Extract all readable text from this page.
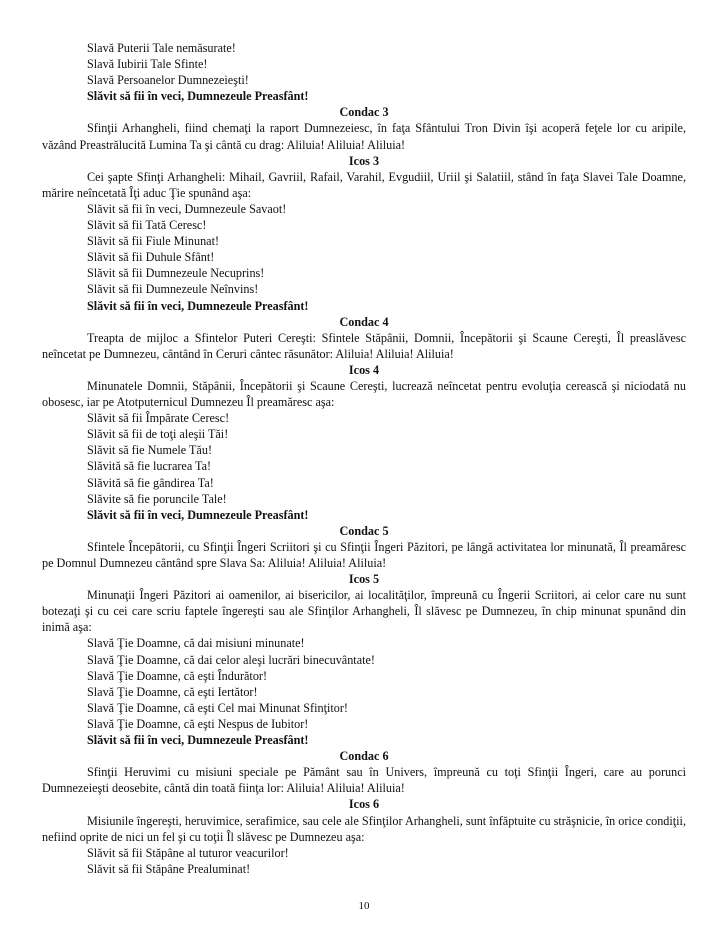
Slavă Puterii Tale nemăsurate!
Slavă Iubirii Tale Sfinte!
Slavă Persoanelor Dumnezeieşti!
Slăvit să fii în veci, Dumnezeule Preasfânt!
Condac 3
Sfinţii Arhangheli, fiind chemaţi la raport Dumnezeiesc, în faţa Sfântului Tron Divin îşi acoperă feţele lor cu aripile, văzând Preastrălucită Lumina Ta şi cântă cu drag: Aliluia! Aliluia! Aliluia!
Icos 3
Cei şapte Sfinţi Arhangheli: Mihail, Gavriil, Rafail, Varahil, Evgudiil, Uriil şi Salatiil, stând în faţa Slavei Tale Doamne, mărire neîncetată Îţi aduc Ţie spunând aşa:
Slăvit să fii în veci, Dumnezeule Savaot!
Slăvit să fii Tată Ceresc!
Slăvit să fii Fiule Minunat!
Slăvit să fii Duhule Sfânt!
Slăvit să fii Dumnezeule Necuprins!
Slăvit să fii Dumnezeule Neînvins!
Slăvit să fii în veci, Dumnezeule Preasfânt!
Condac 4
Treapta de mijloc a Sfintelor Puteri Cereşti: Sfintele Stăpânii, Domnii, Începătorii şi Scaune Cereşti, Îl preaslăvesc neîncetat pe Dumnezeu, cântând în Ceruri cântec răsunător: Aliluia! Aliluia! Aliluia!
Icos 4
Minunatele Domnii, Stăpânii, Începătorii şi Scaune Cereşti, lucrează neîncetat pentru evoluţia cerească şi niciodată nu obosesc, iar pe Atotputernicul Dumnezeu Îl preamăresc aşa:
Slăvit să fii Împărate Ceresc!
Slăvit să fii de toţi aleşii Tăi!
Slăvit să fie Numele Tău!
Slăvită să fie lucrarea Ta!
Slăvită să fie gândirea Ta!
Slăvite să fie poruncile Tale!
Slăvit să fii în veci, Dumnezeule Preasfânt!
Condac 5
Sfintele Începătorii, cu Sfinţii Îngeri Scriitori şi cu Sfinţii Îngeri Păzitori, pe lângă activitatea lor minunată, Îl preamăresc pe Domnul Dumnezeu cântând spre Slava Sa: Aliluia! Aliluia! Aliluia!
Icos 5
Minunaţii Îngeri Păzitori ai oamenilor, ai bisericilor, ai localităţilor, împreună cu Îngerii Scriitori, ai celor care nu sunt botezaţi şi cu cei care scriu faptele îngereşti sau ale Sfinţilor Arhangheli, Îl slăvesc pe Dumnezeu, în chip minunat spunând din inimă aşa:
Slavă Ţie Doamne, că dai misiuni minunate!
Slavă Ţie Doamne, că dai celor aleşi lucrări binecuvântate!
Slavă Ţie Doamne, că eşti Îndurător!
Slavă Ţie Doamne, că eşti Iertător!
Slavă Ţie Doamne, că eşti Cel mai Minunat Sfinţitor!
Slavă Ţie Doamne, că eşti Nespus de Iubitor!
Slăvit să fii în veci, Dumnezeule Preasfânt!
Condac 6
Sfinţii Heruvimi cu misiuni speciale pe Pământ sau în Univers, împreună cu toţi Sfinţii Îngeri, care au porunci Dumnezeieşti deosebite, cântă din toată fiinţa lor: Aliluia! Aliluia! Aliluia!
Icos 6
Misiunile îngereşti, heruvimice, serafimice, sau cele ale Sfinţilor Arhangheli, sunt înfăptuite cu străşnicie, în orice condiţii, nefiind oprite de nici un fel şi cu toţii Îl slăvesc pe Dumnezeu aşa:
Slăvit să fii Stăpâne al tuturor veacurilor!
Slăvit să fii Stăpâne Prealuminat!
10
